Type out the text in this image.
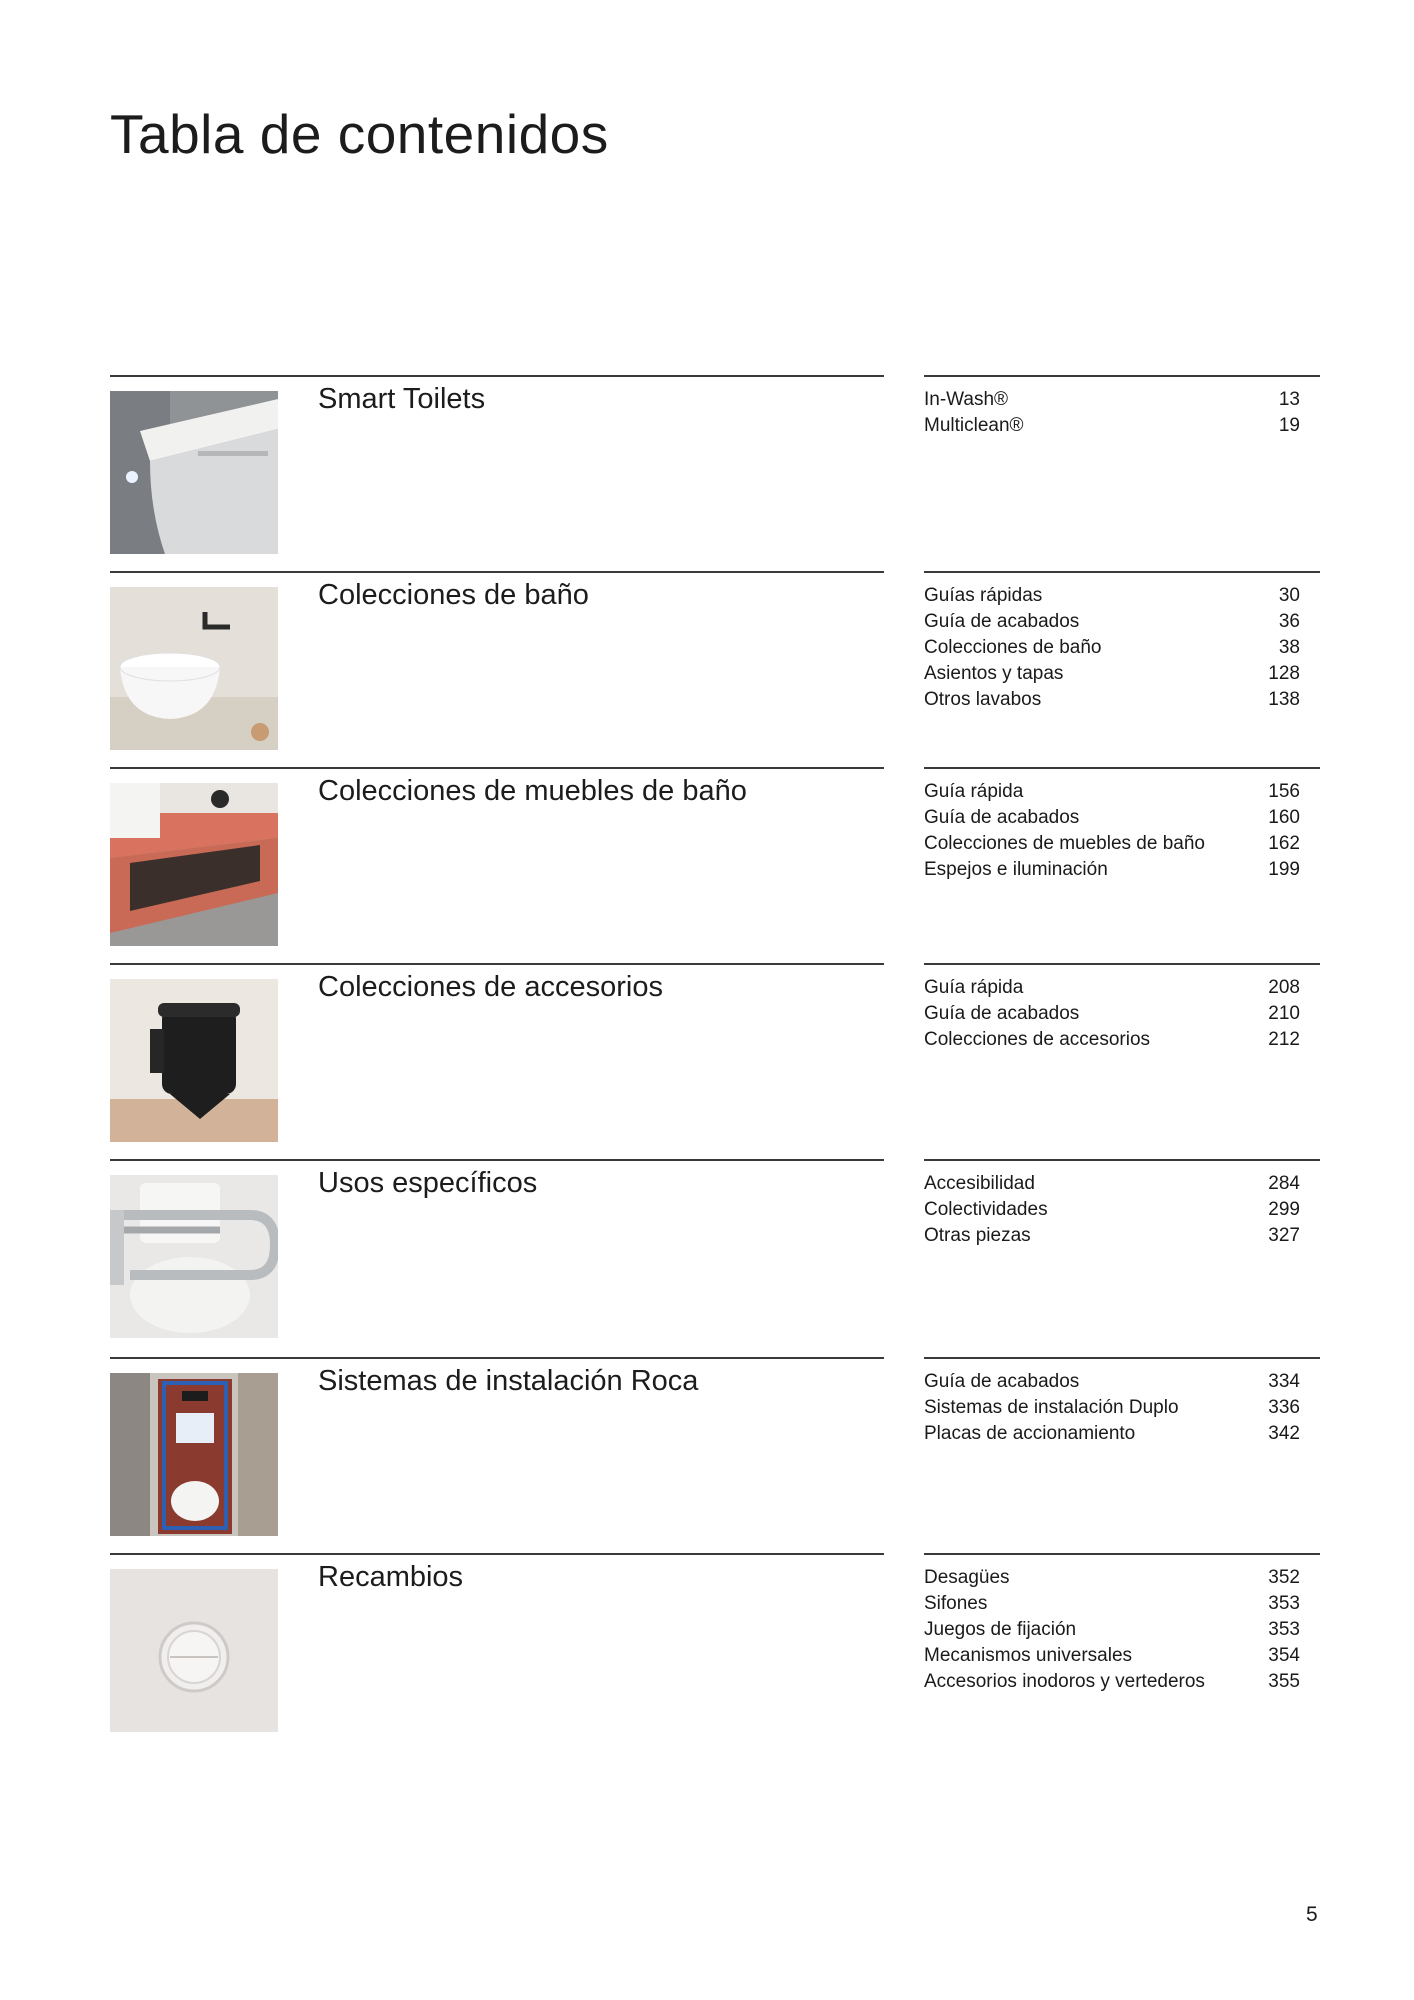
Tabla de contenidos
Smart Toilets	In-Wash®	13
Multiclean®	19
Colecciones de baño	Guías rápidas	30
Guía de acabados	36
Colecciones de baño	38
Asientos y tapas	128
Otros lavabos	138
Colecciones de muebles de baño	Guía rápida	156
Guía de acabados	160
Colecciones de muebles de baño	162
Espejos e iluminación	199
Colecciones de accesorios	Guía rápida	208
Guía de acabados	210
Colecciones de accesorios	212
Usos específicos	Accesibilidad	284
Colectividades	299
Otras piezas	327
Sistemas de instalación Roca	Guía de acabados	334
Sistemas de instalación Duplo	336
Placas de accionamiento	342
Recambios	Desagües	352
Sifones	353
Juegos de fijación	353
Mecanismos universales	354
Accesorios inodoros y vertederos	355
5
